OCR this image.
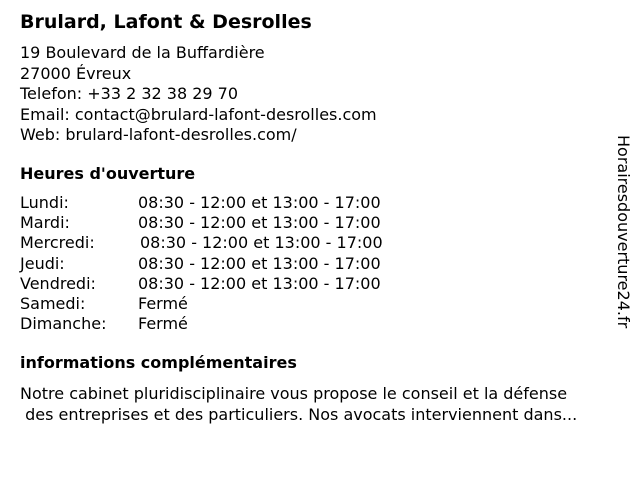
Brulard, Lafont & Desrolles
19 Boulevard de la Buffardière
27000 Évreux
Telefon: +33 2 32 38 29 70
Email: contact@brulard-lafont-desrolles.com
Web: brulard-lafont-desrolles.com/
Heures d'ouverture
Lundi:	08:30 - 12:00 et 13:00 - 17:00
Mardi:	08:30 - 12:00 et 13:00 - 17:00
Mercredi:	08:30 - 12:00 et 13:00 - 17:00
Jeudi:	08:30 - 12:00 et 13:00 - 17:00
Vendredi:	08:30 - 12:00 et 13:00 - 17:00
Samedi:	Fermé
Dimanche: Fermé
informations complémentaires
Notre cabinet pluridisciplinaire vous propose le conseil et la défense
des entreprises et des particuliers. Nos avocats interviennent dans...
Horairesdouverture24.fr
